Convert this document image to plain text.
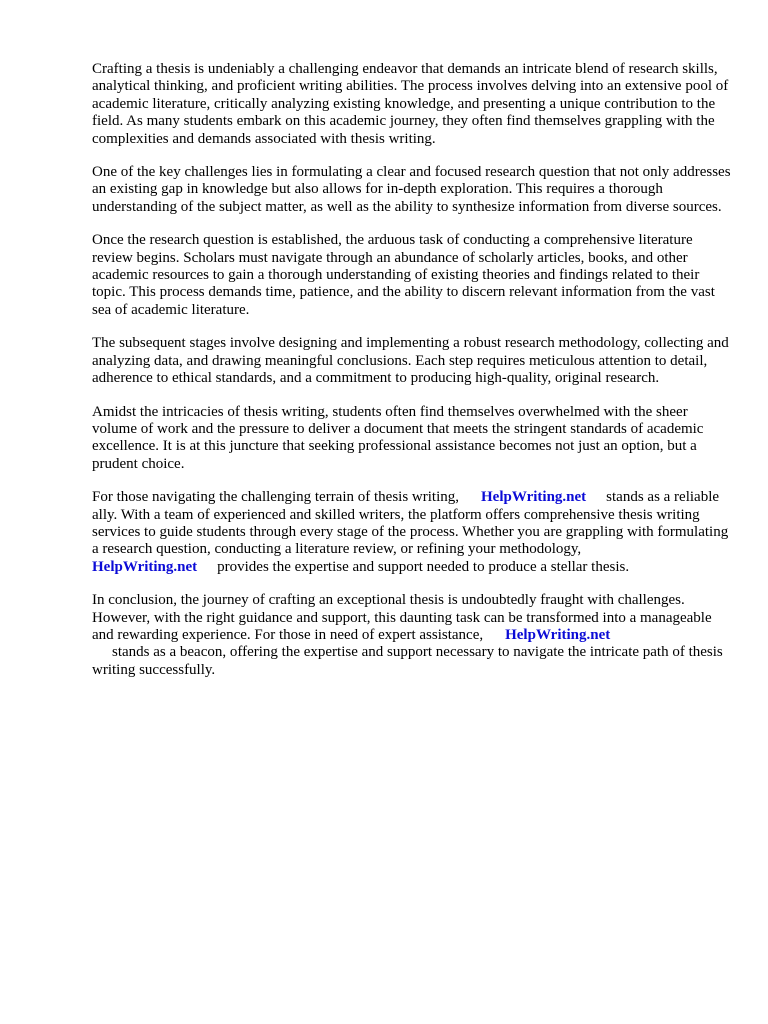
Crafting a thesis is undeniably a challenging endeavor that demands an intricate blend of research skills, analytical thinking, and proficient writing abilities. The process involves delving into an extensive pool of academic literature, critically analyzing existing knowledge, and presenting a unique contribution to the field. As many students embark on this academic journey, they often find themselves grappling with the complexities and demands associated with thesis writing.

One of the key challenges lies in formulating a clear and focused research question that not only addresses an existing gap in knowledge but also allows for in-depth exploration. This requires a thorough understanding of the subject matter, as well as the ability to synthesize information from diverse sources.

Once the research question is established, the arduous task of conducting a comprehensive literature review begins. Scholars must navigate through an abundance of scholarly articles, books, and other academic resources to gain a thorough understanding of existing theories and findings related to their topic. This process demands time, patience, and the ability to discern relevant information from the vast sea of academic literature.

The subsequent stages involve designing and implementing a robust research methodology, collecting and analyzing data, and drawing meaningful conclusions. Each step requires meticulous attention to detail, adherence to ethical standards, and a commitment to producing high-quality, original research.

Amidst the intricacies of thesis writing, students often find themselves overwhelmed with the sheer volume of work and the pressure to deliver a document that meets the stringent standards of academic excellence. It is at this juncture that seeking professional assistance becomes not just an option, but a prudent choice.

For those navigating the challenging terrain of thesis writing, HelpWriting.net stands as a reliable ally. With a team of experienced and skilled writers, the platform offers comprehensive thesis writing services to guide students through every stage of the process. Whether you are grappling with formulating a research question, conducting a literature review, or refining your methodology, HelpWriting.net provides the expertise and support needed to produce a stellar thesis.

In conclusion, the journey of crafting an exceptional thesis is undoubtedly fraught with challenges. However, with the right guidance and support, this daunting task can be transformed into a manageable and rewarding experience. For those in need of expert assistance, HelpWriting.net
stands as a beacon, offering the expertise and support necessary to navigate the intricate path of thesis writing successfully.
